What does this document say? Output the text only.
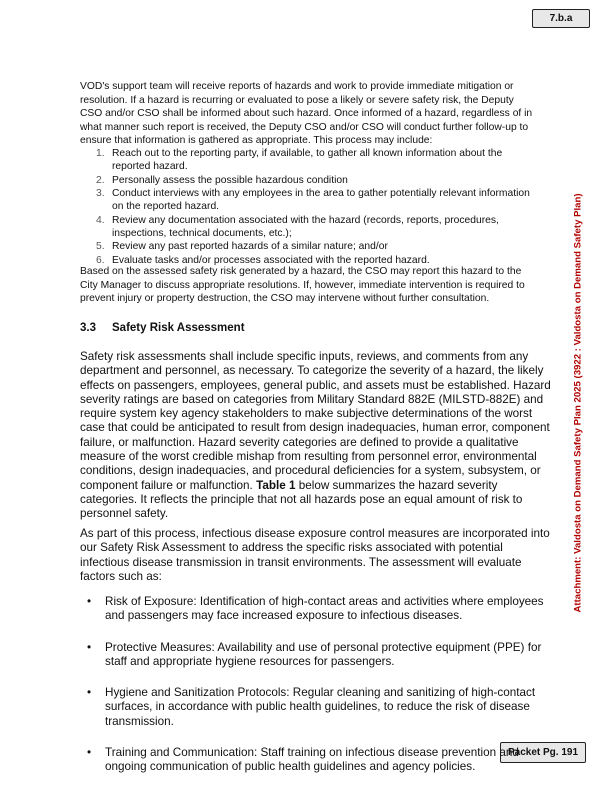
7.b.a
Attachment: Valdosta on Demand Safety Plan 2025 (3922 : Valdosta on Demand Safety Plan)
Packet Pg. 191

VOD's support team will receive reports of hazards and work to provide immediate mitigation or resolution. If a hazard is recurring or evaluated to pose a likely or severe safety risk, the Deputy CSO and/or CSO shall be informed about such hazard. Once informed of a hazard, regardless of in what manner such report is received, the Deputy CSO and/or CSO will conduct further follow-up to ensure that information is gathered as appropriate. This process may include:

1. Reach out to the reporting party, if available, to gather all known information about the reported hazard.
2. Personally assess the possible hazardous condition
3. Conduct interviews with any employees in the area to gather potentially relevant information on the reported hazard.
4. Review any documentation associated with the hazard (records, reports, procedures, inspections, technical documents, etc.);
5. Review any past reported hazards of a similar nature; and/or
6. Evaluate tasks and/or processes associated with the reported hazard.

Based on the assessed safety risk generated by a hazard, the CSO may report this hazard to the City Manager to discuss appropriate resolutions. If, however, immediate intervention is required to prevent injury or property destruction, the CSO may intervene without further consultation.

3.3 Safety Risk Assessment

Safety risk assessments shall include specific inputs, reviews, and comments from any department and personnel, as necessary. To categorize the severity of a hazard, the likely effects on passengers, employees, general public, and assets must be established. Hazard severity ratings are based on categories from Military Standard 882E (MILSTD-882E) and require system key agency stakeholders to make subjective determinations of the worst case that could be anticipated to result from design inadequacies, human error, component failure, or malfunction. Hazard severity categories are defined to provide a qualitative measure of the worst credible mishap from resulting from personnel error, environmental conditions, design inadequacies, and procedural deficiencies for a system, subsystem, or component failure or malfunction. Table 1 below summarizes the hazard severity categories. It reflects the principle that not all hazards pose an equal amount of risk to personnel safety.

As part of this process, infectious disease exposure control measures are incorporated into our Safety Risk Assessment to address the specific risks associated with potential infectious disease transmission in transit environments. The assessment will evaluate factors such as:

• Risk of Exposure: Identification of high-contact areas and activities where employees and passengers may face increased exposure to infectious diseases.
• Protective Measures: Availability and use of personal protective equipment (PPE) for staff and appropriate hygiene resources for passengers.
• Hygiene and Sanitization Protocols: Regular cleaning and sanitizing of high-contact surfaces, in accordance with public health guidelines, to reduce the risk of disease transmission.
• Training and Communication: Staff training on infectious disease prevention and ongoing communication of public health guidelines and agency policies.
